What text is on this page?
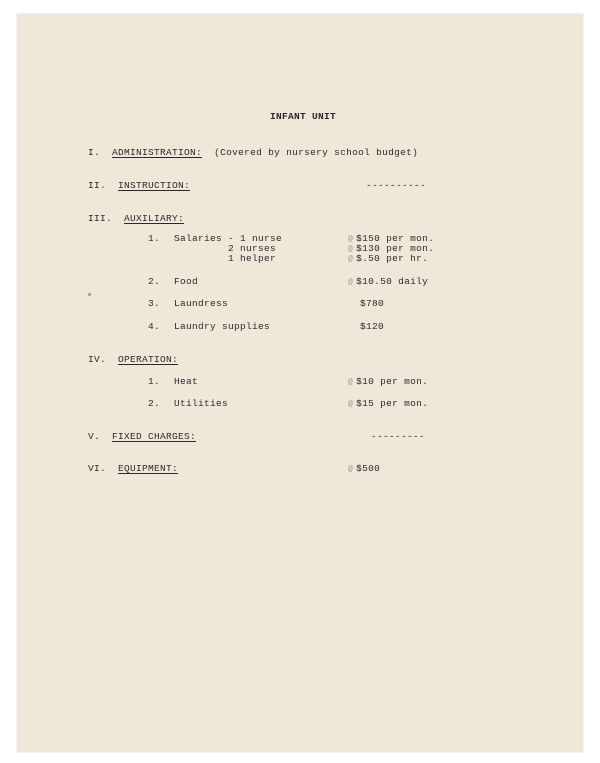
INFANT UNIT
I. ADMINISTRATION: (Covered by nursery school budget)
II. INSTRUCTION:	----------
III. AUXILIARY:
1. Salaries - 1 nurse	@ $150 per mon.
2 nurses	@ $130 per mon.
1 helper	@ $.50 per hr.
2. Food	@ $10.50 daily
3. Laundress	$780
4. Laundry supplies	$120
IV. OPERATION:
1. Heat	@ $10 per mon.
2. Utilities	@ $15 per mon.
V. FIXED CHARGES:	---------
VI. EQUIPMENT:	@ $500
